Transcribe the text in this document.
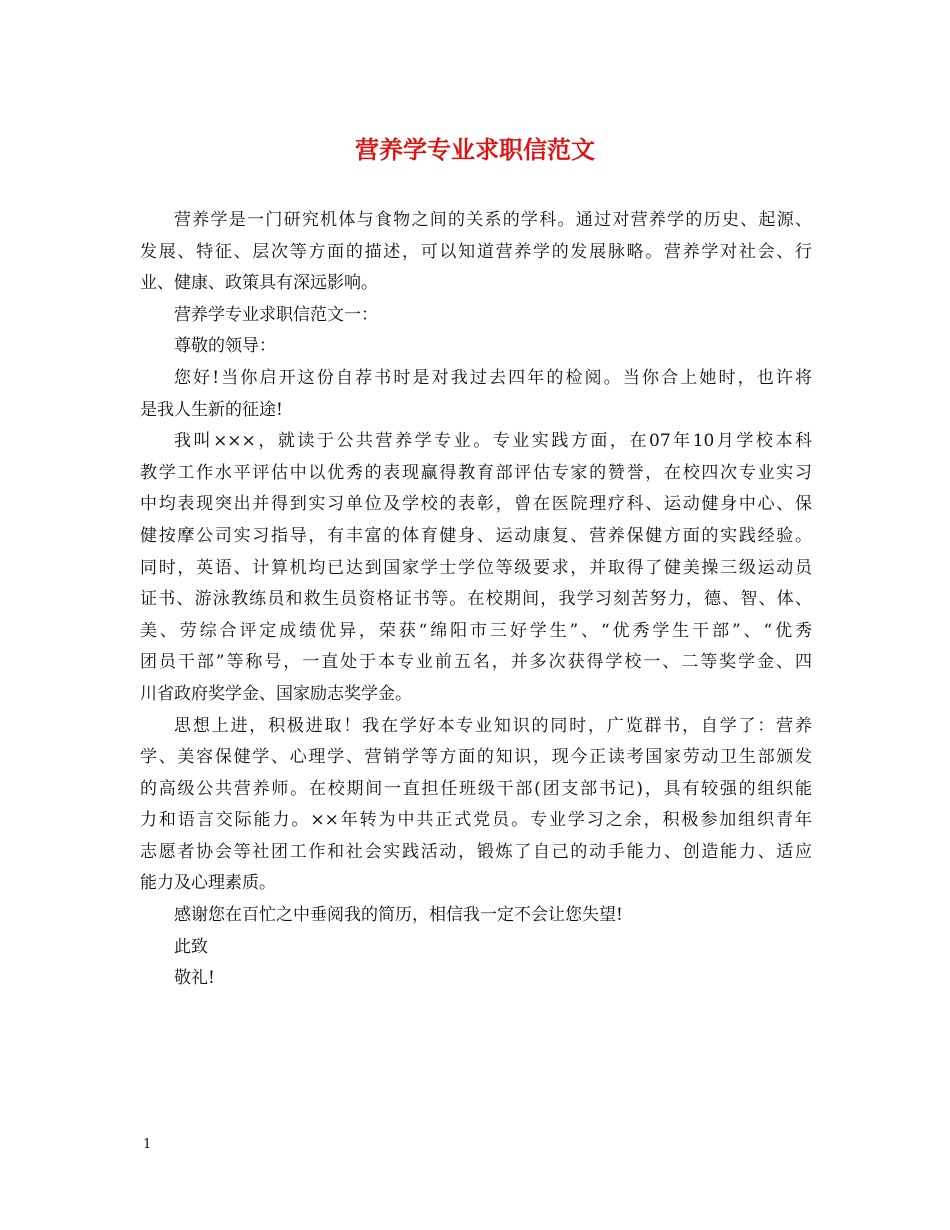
营养学专业求职信范文
营养学是一门研究机体与食物之间的关系的学科。通过对营养学的历史、起源、
发展、特征、层次等方面的描述，可以知道营养学的发展脉略。营养学对社会、行
业、健康、政策具有深远影响。
营养学专业求职信范文一：
尊敬的领导：
您好!当你启开这份自荐书时是对我过去四年的检阅。当你合上她时，也许将
是我人生新的征途!
我叫×××，就读于公共营养学专业。专业实践方面，在07年10月学校本科
教学工作水平评估中以优秀的表现赢得教育部评估专家的赞誉，在校四次专业实习
中均表现突出并得到实习单位及学校的表彰，曾在医院理疗科、运动健身中心、保
健按摩公司实习指导，有丰富的体育健身、运动康复、营养保健方面的实践经验。
同时，英语、计算机均已达到国家学士学位等级要求，并取得了健美操三级运动员
证书、游泳教练员和救生员资格证书等。在校期间，我学习刻苦努力，德、智、体、
美、劳综合评定成绩优异，荣获“绵阳市三好学生”、“优秀学生干部”、“优秀
团员干部”等称号，一直处于本专业前五名，并多次获得学校一、二等奖学金、四
川省政府奖学金、国家励志奖学金。
思想上进，积极进取！我在学好本专业知识的同时，广览群书，自学了：营养
学、美容保健学、心理学、营销学等方面的知识，现今正读考国家劳动卫生部颁发
的高级公共营养师。在校期间一直担任班级干部(团支部书记)，具有较强的组织能
力和语言交际能力。××年转为中共正式党员。专业学习之余，积极参加组织青年
志愿者协会等社团工作和社会实践活动，锻炼了自己的动手能力、创造能力、适应
能力及心理素质。
感谢您在百忙之中垂阅我的简历，相信我一定不会让您失望!
此致
敬礼!
1
